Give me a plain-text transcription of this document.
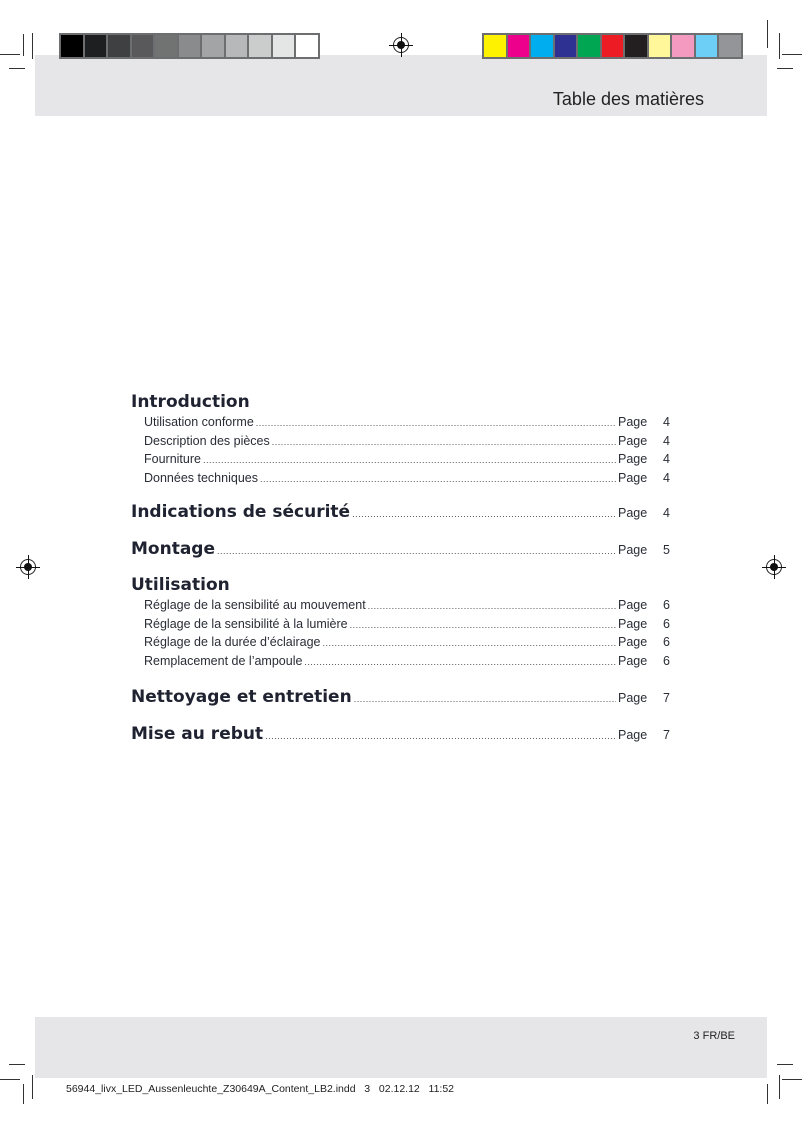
Table des matières
Introduction
Utilisation conforme .....	Page	4
Description des pièces .....	Page	4
Fourniture .....	Page	4
Données techniques .....	Page	4
Indications de sécurité .....	Page	4
Montage .....	Page	5
Utilisation
Réglage de la sensibilité au mouvement .....	Page	6
Réglage de la sensibilité à la lumière .....	Page	6
Réglage de la durée d’éclairage .....	Page	6
Remplacement de l’ampoule .....	Page	6
Nettoyage et entretien .....	Page	7
Mise au rebut .....	Page	7
3 FR/BE
56944_livx_LED_Aussenleuchte_Z30649A_Content_LB2.indd   3   02.12.12   11:52
